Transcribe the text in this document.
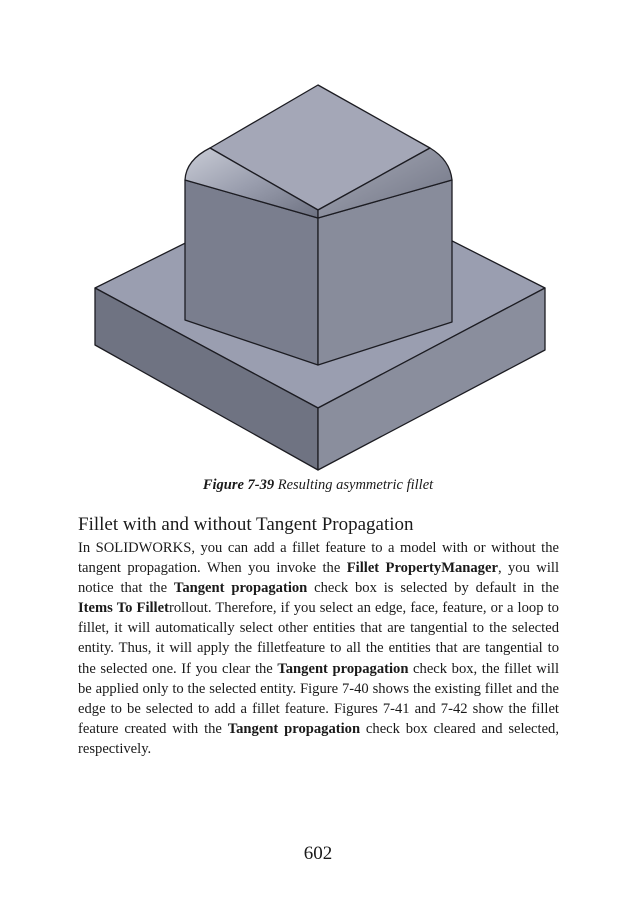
Figure 7-39 Resulting asymmetric fillet
Fillet with and without Tangent Propagation

In SOLIDWORKS, you can add a fillet feature to a model with or without the tangent propagation. When you invoke the Fillet PropertyManager, you will notice that the Tangent propagation check box is selected by default in the Items To Filletrollout. Therefore, if you select an edge, face, feature, or a loop to fillet, it will automatically select other entities that are tangential to the selected entity. Thus, it will apply the filletfeature to all the entities that are tangential to the selected one. If you clear the Tangent propagation check box, the fillet will be applied only to the selected entity. Figure 7-40 shows the existing fillet and the edge to be selected to add a fillet feature. Figures 7-41 and 7-42 show the fillet feature created with the Tangent propagation check box cleared and selected, respectively.

602
